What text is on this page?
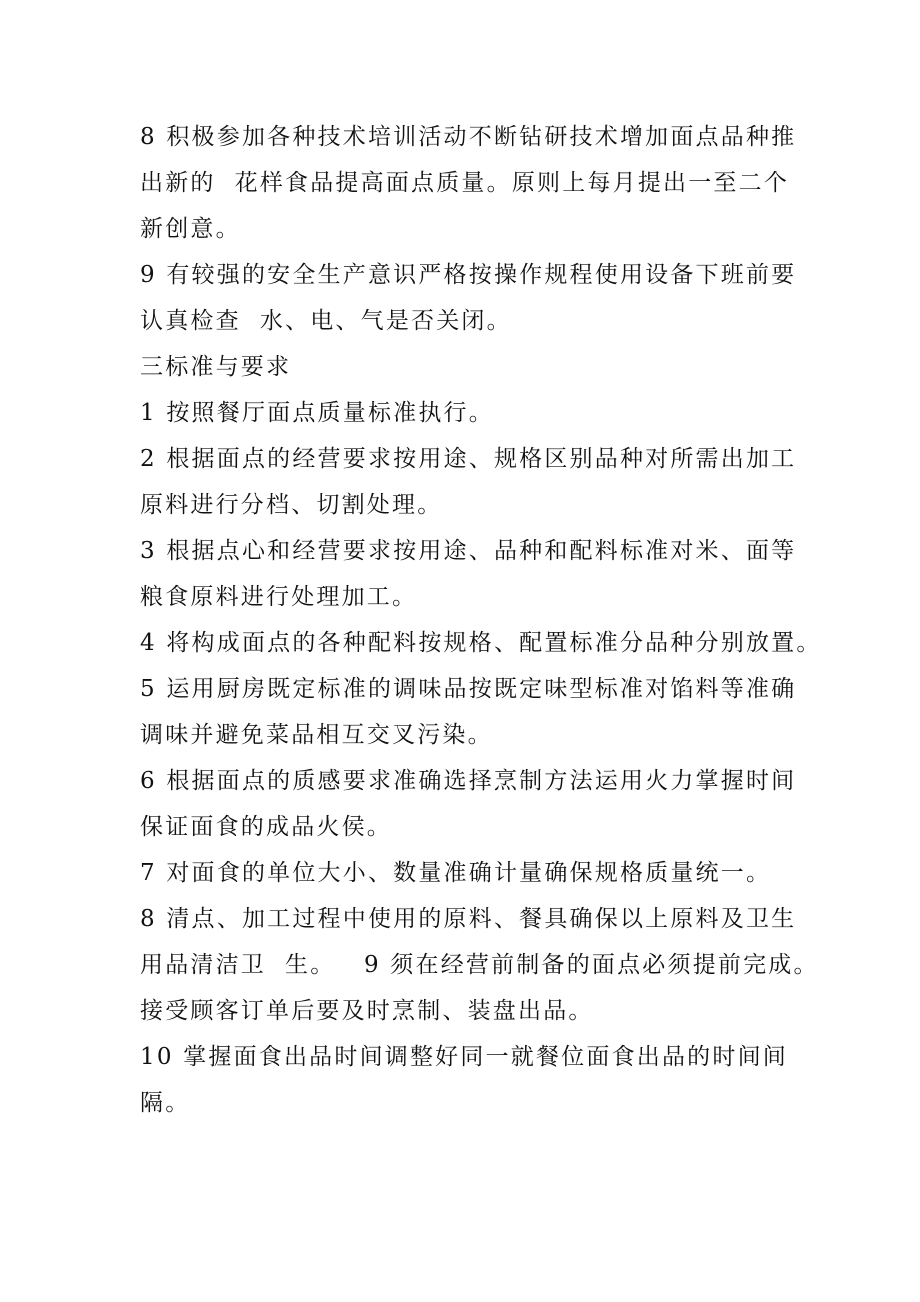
8 积极参加各种技术培训活动不断钻研技术增加面点品种推
出新的  花样食品提高面点质量。原则上每月提出一至二个
新创意。
9 有较强的安全生产意识严格按操作规程使用设备下班前要
认真检查  水、电、气是否关闭。
三标准与要求
1 按照餐厅面点质量标准执行。
2 根据面点的经营要求按用途、规格区别品种对所需出加工
原料进行分档、切割处理。
3 根据点心和经营要求按用途、品种和配料标准对米、面等
粮食原料进行处理加工。
4 将构成面点的各种配料按规格、配置标准分品种分别放置。
5 运用厨房既定标准的调味品按既定味型标准对馅料等准确
调味并避免菜品相互交叉污染。
6 根据面点的质感要求准确选择烹制方法运用火力掌握时间
保证面食的成品火侯。
7 对面食的单位大小、数量准确计量确保规格质量统一。
8 清点、加工过程中使用的原料、餐具确保以上原料及卫生
用品清洁卫  生。   9 须在经营前制备的面点必须提前完成。
接受顾客订单后要及时烹制、装盘出品。
10 掌握面食出品时间调整好同一就餐位面食出品的时间间
隔。
